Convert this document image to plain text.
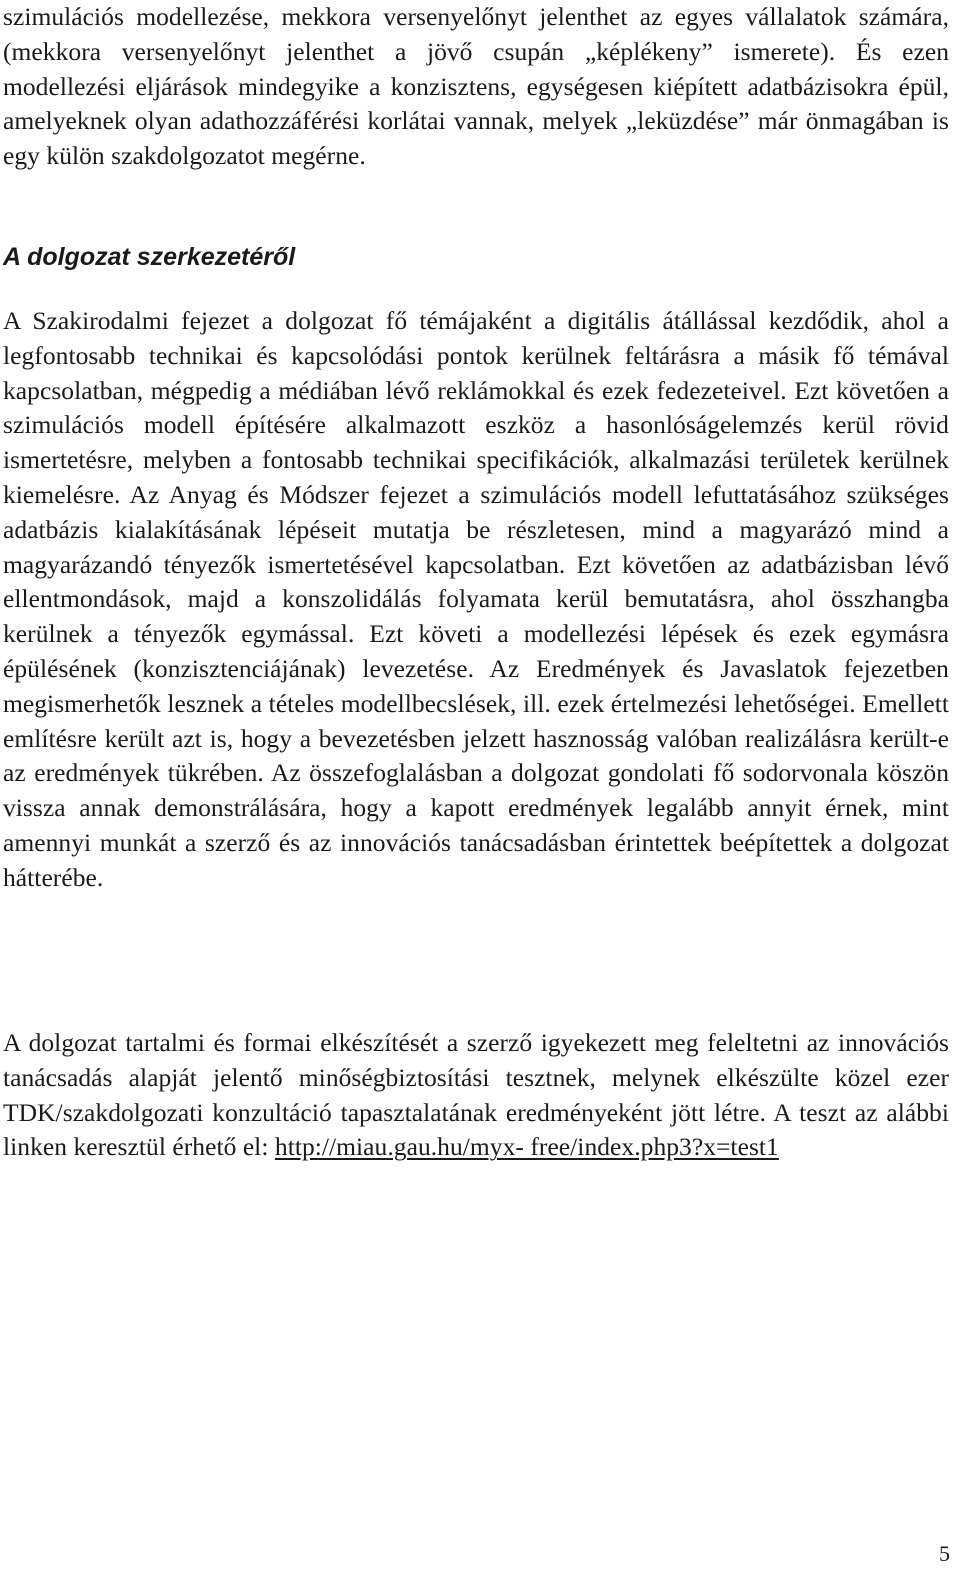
szimulációs modellezése, mekkora versenyelőnyt jelenthet az egyes vállalatok számára, (mekkora versenyelőnyt jelenthet a jövő csupán „képlékeny” ismerete). És ezen modellezési eljárások mindegyike a konzisztens, egységesen kiépített adatbázisokra épül, amelyeknek olyan adathozzáférési korlátai vannak, melyek „leküzdése” már önmagában is egy külön szakdolgozatot megérne.

A dolgozat szerkezetéről

A Szakirodalmi fejezet a dolgozat fő témájaként a digitális átállással kezdődik, ahol a legfontosabb technikai és kapcsolódási pontok kerülnek feltárásra a másik fő témával kapcsolatban, mégpedig a médiában lévő reklámokkal és ezek fedezeteivel. Ezt követően a szimulációs modell építésére alkalmazott eszköz a hasonlóságelemzés kerül rövid ismertetésre, melyben a fontosabb technikai specifikációk, alkalmazási területek kerülnek kiemelésre. Az Anyag és Módszer fejezet a szimulációs modell lefuttatásához szükséges adatbázis kialakításának lépéseit mutatja be részletesen, mind a magyarázó mind a magyarázandó tényezők ismertetésével kapcsolatban. Ezt követően az adatbázisban lévő ellentmondások, majd a konszolidálás folyamata kerül bemutatásra, ahol összhangba kerülnek a tényezők egymással. Ezt követi a modellezési lépések és ezek egymásra épülésének (konzisztenciájának) levezetése. Az Eredmények és Javaslatok fejezetben megismerhetők lesznek a tételes modellbecslések, ill. ezek értelmezési lehetőségei. Emellett említésre került azt is, hogy a bevezetésben jelzett hasznosság valóban realizálásra került-e az eredmények tükrében. Az összefoglalásban a dolgozat gondolati fő sodorvonala köszön vissza annak demonstrálására, hogy a kapott eredmények legalább annyit érnek, mint amennyi munkát a szerző és az innovációs tanácsadásban érintettek beépítettek a dolgozat hátterébe.

A dolgozat tartalmi és formai elkészítését a szerző igyekezett meg feleltetni az innovációs tanácsadás alapját jelentő minőségbiztosítási tesztnek, melynek elkészülte közel ezer TDK/szakdolgozati konzultáció tapasztalatának eredményeként jött létre. A teszt az alábbi linken keresztül érhető el: http://miau.gau.hu/myx- free/index.php3?x=test1

5
